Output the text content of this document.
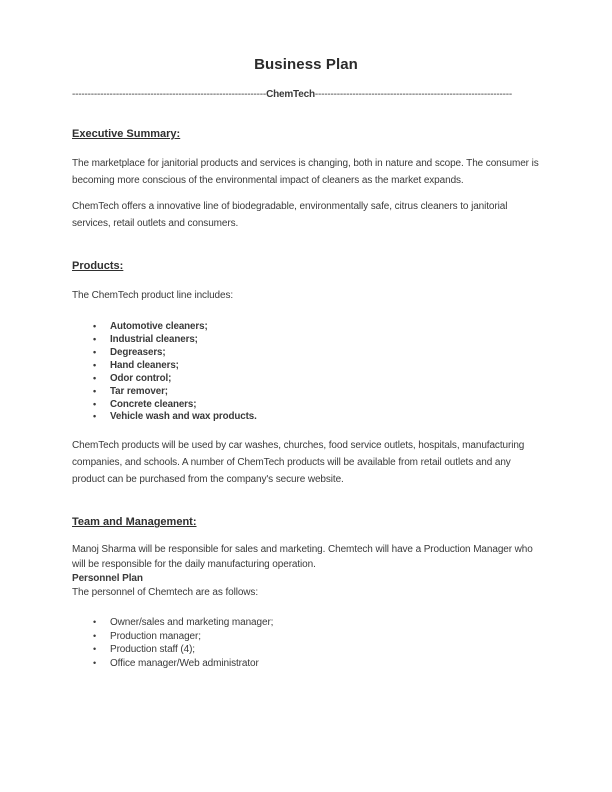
Business Plan
--------------------------------------------------------------ChemTech---------------------------------------------------------------
Executive Summary:

The marketplace for janitorial products and services is changing, both in nature and scope. The consumer is becoming more conscious of the environmental impact of cleaners as the market expands.

ChemTech offers a innovative line of biodegradable, environmentally safe, citrus cleaners to janitorial services, retail outlets and consumers.

Products:

The ChemTech product line includes:

•
Automotive cleaners;
•
Industrial cleaners;
•
Degreasers;
•
Hand cleaners;
•
Odor control;
•
Tar remover;
•
Concrete cleaners;
•
Vehicle wash and wax products.

ChemTech products will be used by car washes, churches, food service outlets, hospitals, manufacturing companies, and schools. A number of ChemTech products will be available from retail outlets and any product can be purchased from the company's secure website.

Team and Management:
Manoj Sharma will be responsible for sales and marketing. Chemtech will have a Production Manager who will be responsible for the daily manufacturing operation.
Personnel Plan
The personnel of Chemtech are as follows:
•
Owner/sales and marketing manager;
•
Production manager;
•
Production staff (4);
•
Office manager/Web administrator
